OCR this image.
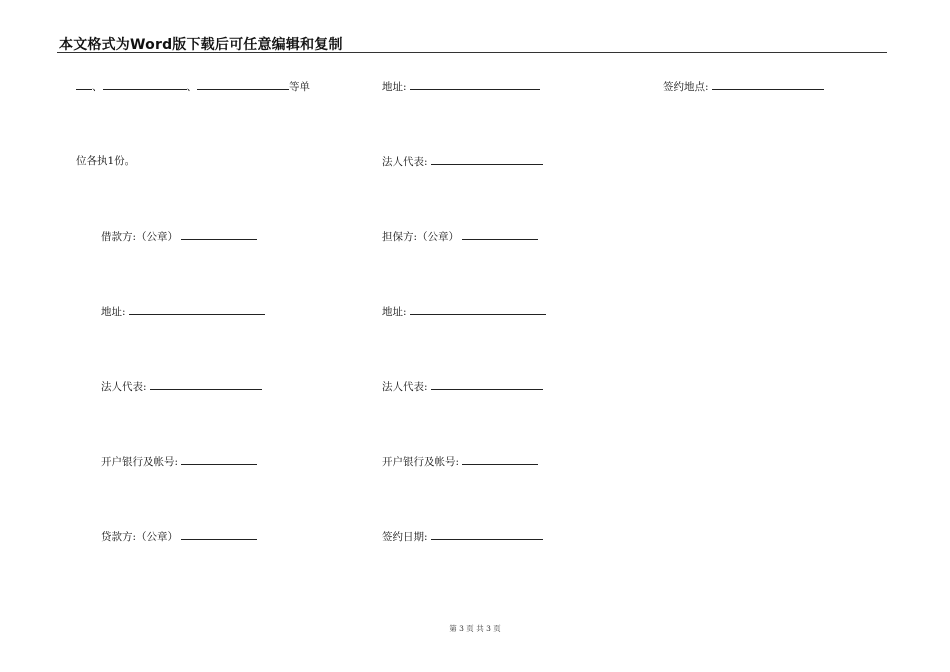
本文格式为Word版下载后可任意编辑和复制
、	、	等单	地址:	签约地点:
位各执1份。	法人代表:
借款方:（公章）	担保方:（公章）
地址:	地址:
法人代表:	法人代表:
开户银行及帐号:	开户银行及帐号:
贷款方:（公章）	签约日期:
第 3 页 共 3 页
